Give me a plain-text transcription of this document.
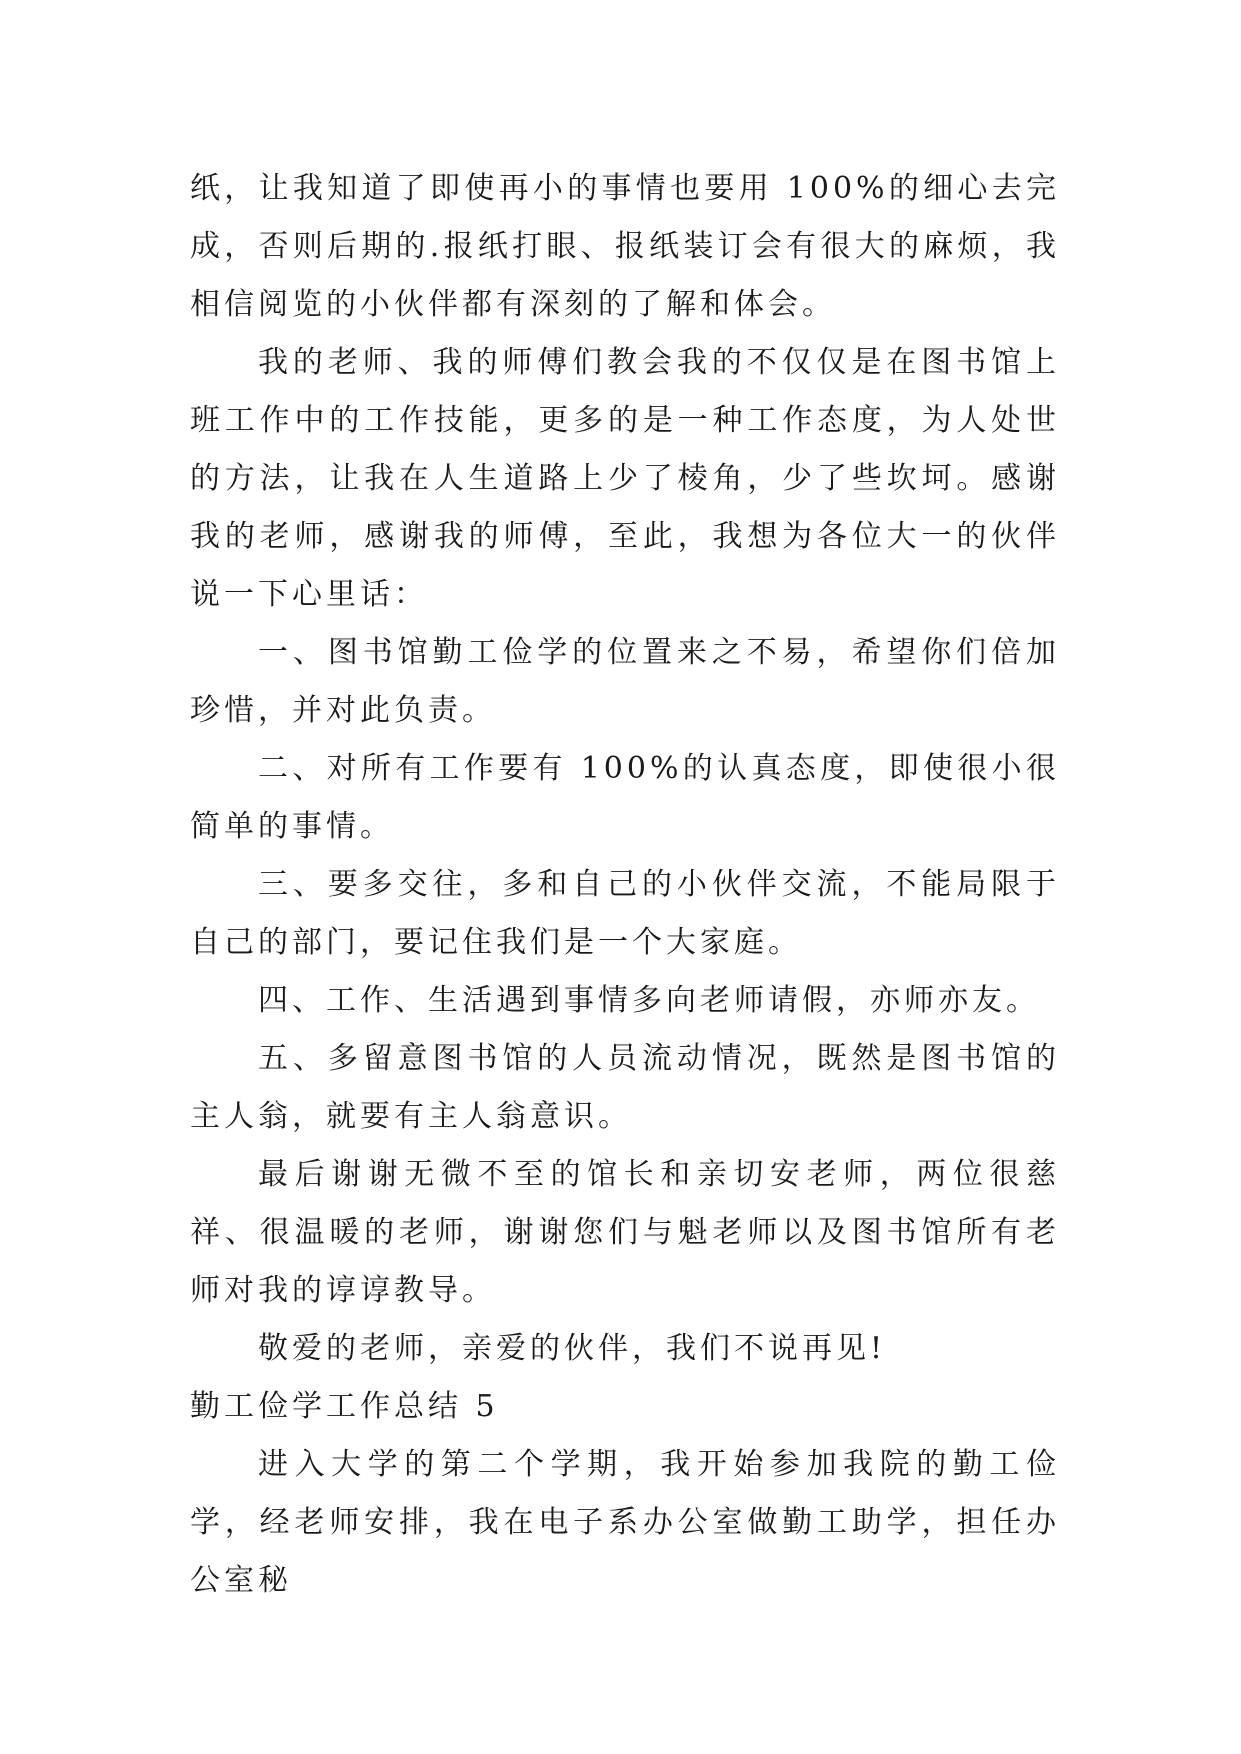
纸，让我知道了即使再小的事情也要用 100%的细心去完成，否则后期的.报纸打眼、报纸装订会有很大的麻烦，我相信阅览的小伙伴都有深刻的了解和体会。

我的老师、我的师傅们教会我的不仅仅是在图书馆上班工作中的工作技能，更多的是一种工作态度，为人处世的方法，让我在人生道路上少了棱角，少了些坎坷。感谢我的老师，感谢我的师傅，至此，我想为各位大一的伙伴说一下心里话：

一、图书馆勤工俭学的位置来之不易，希望你们倍加珍惜，并对此负责。

二、对所有工作要有 100%的认真态度，即使很小很简单的事情。

三、要多交往，多和自己的小伙伴交流，不能局限于自己的部门，要记住我们是一个大家庭。

四、工作、生活遇到事情多向老师请假，亦师亦友。

五、多留意图书馆的人员流动情况，既然是图书馆的主人翁，就要有主人翁意识。

最后谢谢无微不至的馆长和亲切安老师，两位很慈祥、很温暖的老师，谢谢您们与魁老师以及图书馆所有老师对我的谆谆教导。

敬爱的老师，亲爱的伙伴，我们不说再见!

勤工俭学工作总结 5

进入大学的第二个学期，我开始参加我院的勤工俭学，经老师安排，我在电子系办公室做勤工助学，担任办公室秘
